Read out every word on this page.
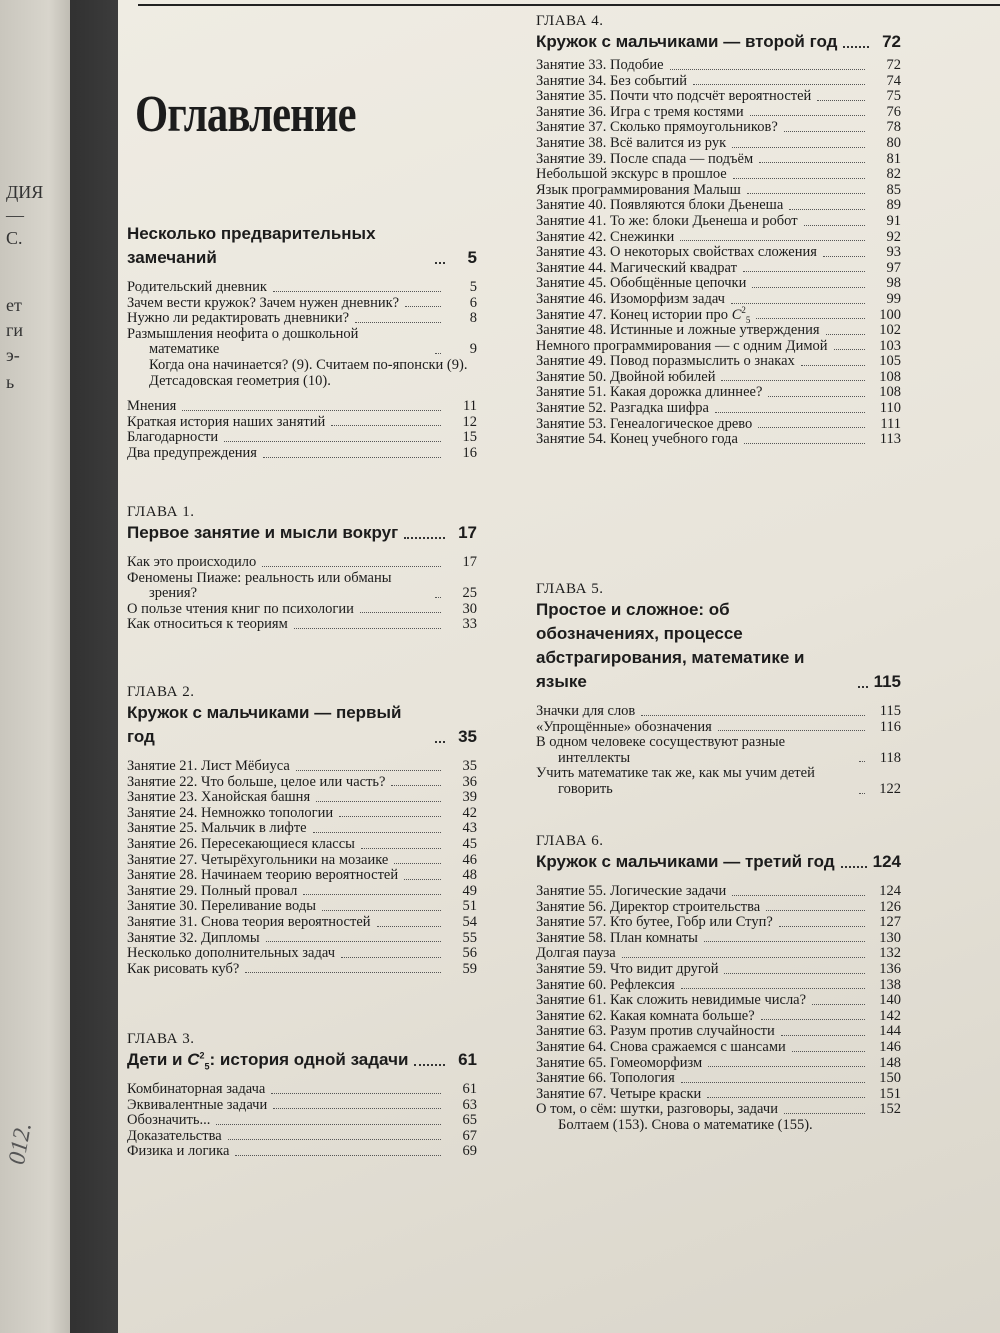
ДИЯ
—
С.
ет
ги
э-
ь
012.
Оглавление
Несколько предварительных замечаний	5
Родительский дневник	5
Зачем вести кружок? Зачем нужен дневник?	6
Нужно ли редактировать дневники?	8
Размышления неофита о дошкольной математике	9
Когда она начинается? (9). Считаем по-японски (9). Детсадовская геометрия (10).
Мнения	11
Краткая история наших занятий	12
Благодарности	15
Два предупреждения	16
ГЛАВА 1.
Первое занятие и мысли вокруг	17
Как это происходило	17
Феномены Пиаже: реальность или обманы зрения?	25
О пользе чтения книг по психологии	30
Как относиться к теориям	33
ГЛАВА 2.
Кружок с мальчиками — первый год	35
Занятие 21. Лист Мёбиуса	35
Занятие 22. Что больше, целое или часть?	36
Занятие 23. Ханойская башня	39
Занятие 24. Немножко топологии	42
Занятие 25. Мальчик в лифте	43
Занятие 26. Пересекающиеся классы	45
Занятие 27. Четырёхугольники на мозаике	46
Занятие 28. Начинаем теорию вероятностей	48
Занятие 29. Полный провал	49
Занятие 30. Переливание воды	51
Занятие 31. Снова теория вероятностей	54
Занятие 32. Дипломы	55
Несколько дополнительных задач	56
Как рисовать куб?	59
ГЛАВА 3.
Дети и $C^2_5$: история одной задачи	61
Комбинаторная задача	61
Эквивалентные задачи	63
Обозначить...	65
Доказательства	67
Физика и логика	69
ГЛАВА 4.
Кружок с мальчиками — второй год	72
Занятие 33. Подобие	72
Занятие 34. Без событий	74
Занятие 35. Почти что подсчёт вероятностей	75
Занятие 36. Игра с тремя костями	76
Занятие 37. Сколько прямоугольников?	78
Занятие 38. Всё валится из рук	80
Занятие 39. После спада — подъём	81
Небольшой экскурс в прошлое	82
Язык программирования Малыш	85
Занятие 40. Появляются блоки Дьенеша	89
Занятие 41. То же: блоки Дьенеша и робот	91
Занятие 42. Снежинки	92
Занятие 43. О некоторых свойствах сложения	93
Занятие 44. Магический квадрат	97
Занятие 45. Обобщённые цепочки	98
Занятие 46. Изоморфизм задач	99
Занятие 47. Конец истории про $C^2_5$	100
Занятие 48. Истинные и ложные утверждения	102
Немного программирования — с одним Димой	103
Занятие 49. Повод поразмыслить о знаках	105
Занятие 50. Двойной юбилей	108
Занятие 51. Какая дорожка длиннее?	108
Занятие 52. Разгадка шифра	110
Занятие 53. Генеалогическое древо	111
Занятие 54. Конец учебного года	113
ГЛАВА 5.
Простое и сложное: об обозначениях, процессе абстрагирования, математике и языке	115
Значки для слов	115
«Упрощённые» обозначения	116
В одном человеке сосуществуют разные интеллекты	118
Учить математике так же, как мы учим детей говорить	122
ГЛАВА 6.
Кружок с мальчиками — третий год 124
Занятие 55. Логические задачи	124
Занятие 56. Директор строительства	126
Занятие 57. Кто бутее, Гобр или Ступ?	127
Занятие 58. План комнаты	130
Долгая пауза	132
Занятие 59. Что видит другой	136
Занятие 60. Рефлексия	138
Занятие 61. Как сложить невидимые числа?	140
Занятие 62. Какая комната больше?	142
Занятие 63. Разум против случайности	144
Занятие 64. Снова сражаемся с шансами	146
Занятие 65. Гомеоморфизм	148
Занятие 66. Топология	150
Занятие 67. Четыре краски	151
О том, о сём: шутки, разговоры, задачи	152
Болтаем (153). Снова о математике (155).
